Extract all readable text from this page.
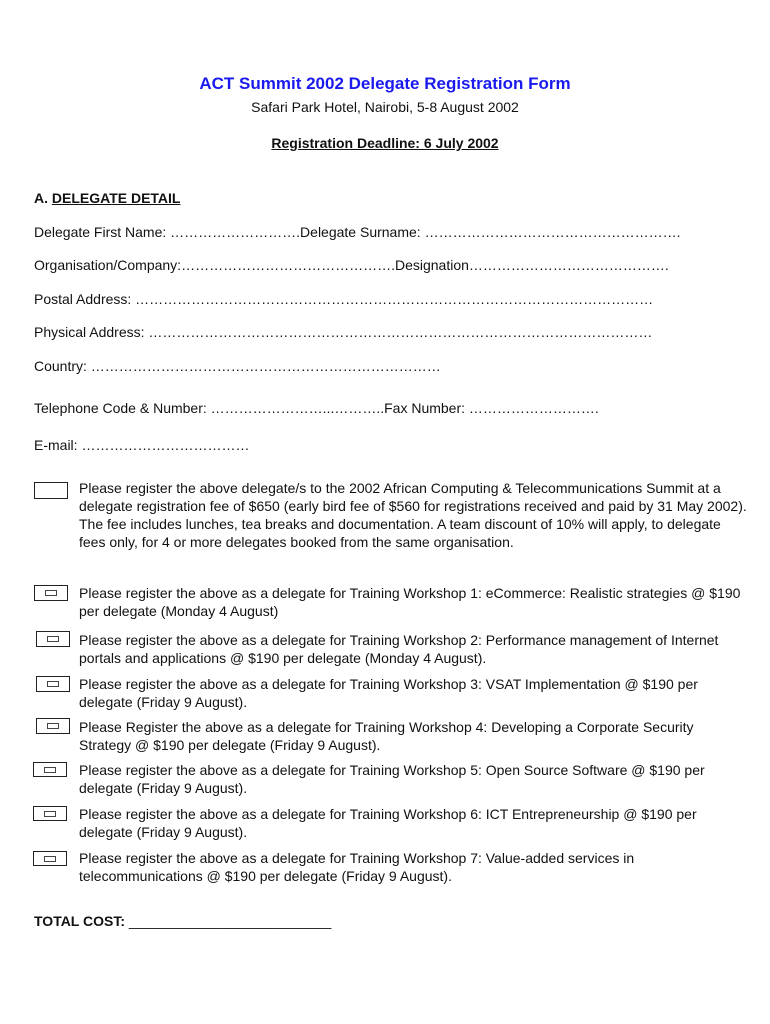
ACT Summit 2002 Delegate Registration Form
Safari Park Hotel, Nairobi, 5-8 August 2002
Registration Deadline: 6 July 2002
A. DELEGATE DETAIL
Delegate First Name: ……………………….Delegate Surname: ……………………………………………….
Organisation/Company:……………………………………….Designation…………………………………….
Postal Address: …………………………………………………………………………………………………
Physical Address: ………………………………………………………………………………………………
Country: …………………………………………………………………
Telephone Code & Number: ……………………...………..Fax Number: ……………………….
E-mail: ………………………………
Please register the above delegate/s to the 2002 African Computing & Telecommunications Summit at a delegate registration fee of $650 (early bird fee of $560 for registrations received and paid by 31 May 2002). The fee includes lunches, tea breaks and documentation. A team discount of 10% will apply, to delegate fees only, for 4 or more delegates booked from the same organisation.
Please register the above as a delegate for Training Workshop 1: eCommerce: Realistic strategies @ $190 per delegate (Monday 4 August)
Please register the above as a delegate for Training Workshop 2: Performance management of Internet portals and applications @ $190 per delegate (Monday 4 August).
Please register the above as a delegate for Training Workshop 3: VSAT Implementation @ $190 per delegate (Friday 9 August).
Please Register the above as a delegate for Training Workshop 4: Developing a Corporate Security Strategy @ $190 per delegate (Friday 9 August).
Please register the above as a delegate for Training Workshop 5: Open Source Software @ $190 per delegate (Friday 9 August).
Please register the above as a delegate for Training Workshop 6: ICT Entrepreneurship @ $190 per delegate (Friday 9 August).
Please register the above as a delegate for Training Workshop 7: Value-added services in telecommunications @ $190 per delegate (Friday 9 August).
TOTAL COST: __________________________
